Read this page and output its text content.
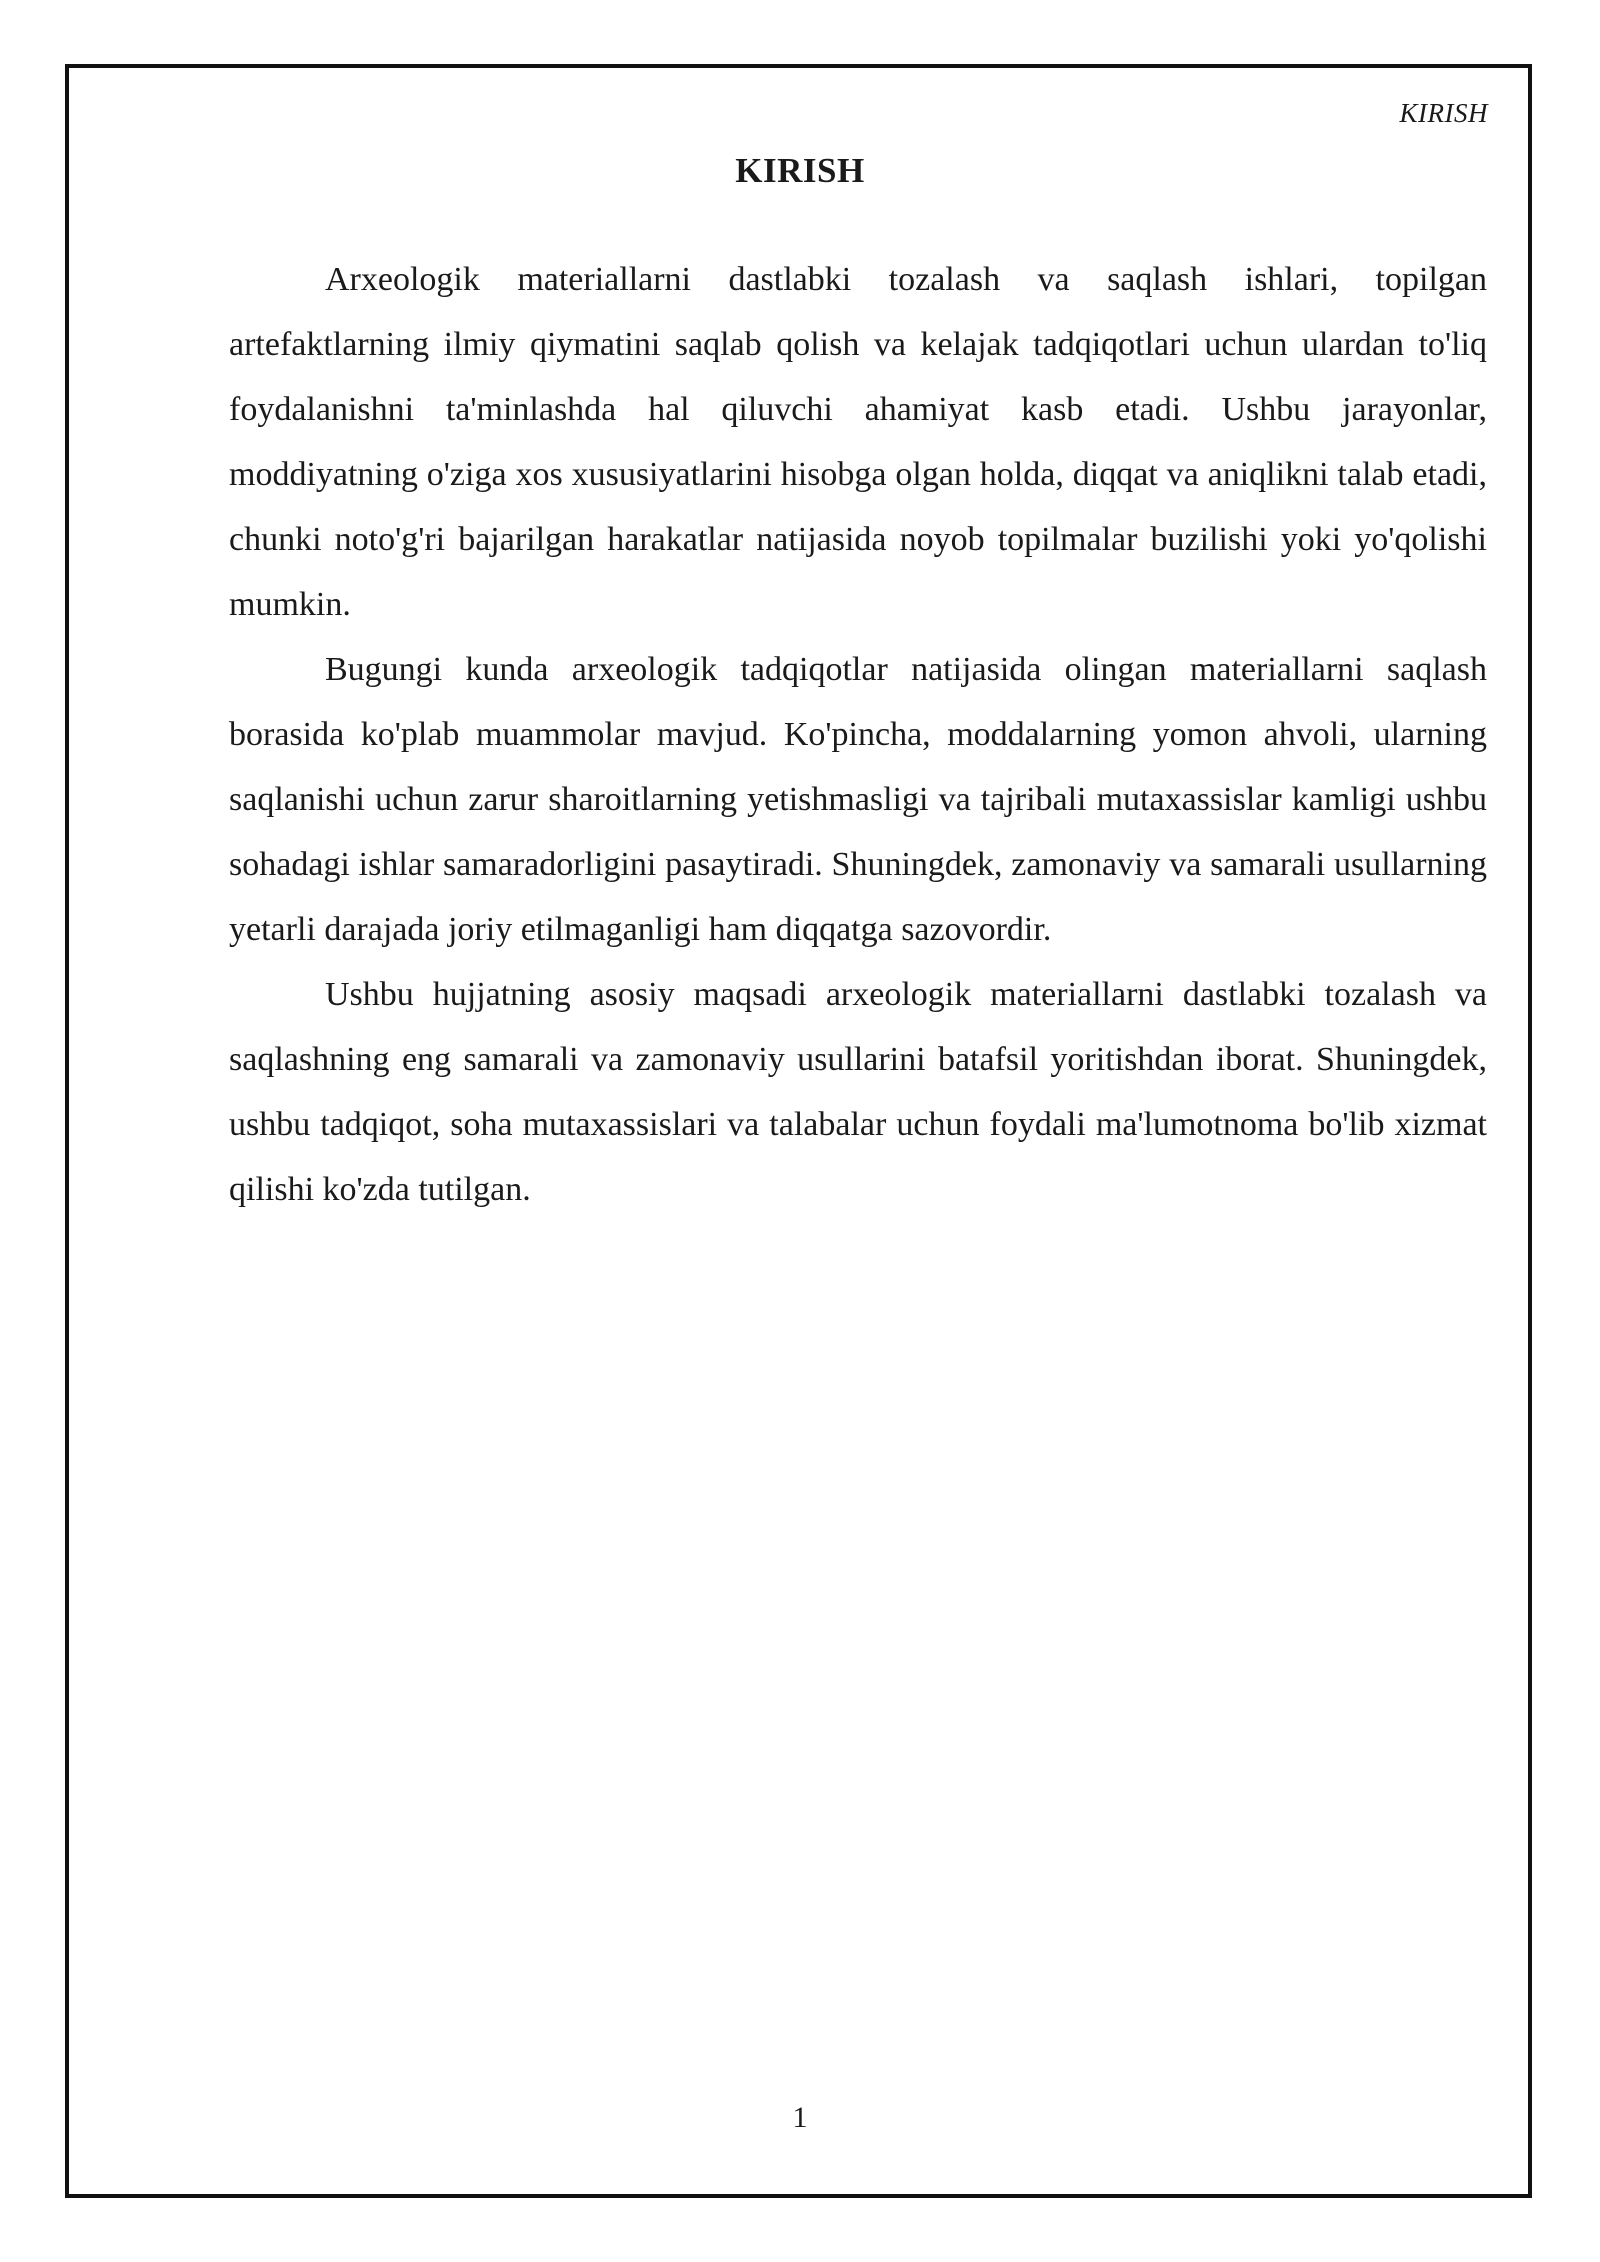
KIRISH
KIRISH

Arxeologik materiallarni dastlabki tozalash va saqlash ishlari, topilgan artefaktlarning ilmiy qiymatini saqlab qolish va kelajak tadqiqotlari uchun ulardan to'liq foydalanishni ta'minlashda hal qiluvchi ahamiyat kasb etadi. Ushbu jarayonlar, moddiyatning o'ziga xos xususiyatlarini hisobga olgan holda, diqqat va aniqlikni talab etadi, chunki noto'g'ri bajarilgan harakatlar natijasida noyob topilmalar buzilishi yoki yo'qolishi mumkin.

Bugungi kunda arxeologik tadqiqotlar natijasida olingan materiallarni saqlash borasida ko'plab muammolar mavjud. Ko'pincha, moddalarning yomon ahvoli, ularning saqlanishi uchun zarur sharoitlarning yetishmasligi va tajribali mutaxassislar kamligi ushbu sohadagi ishlar samaradorligini pasaytiradi. Shuningdek, zamonaviy va samarali usullarning yetarli darajada joriy etilmaganligi ham diqqatga sazovordir.

Ushbu hujjatning asosiy maqsadi arxeologik materiallarni dastlabki tozalash va saqlashning eng samarali va zamonaviy usullarini batafsil yoritishdan iborat. Shuningdek, ushbu tadqiqot, soha mutaxassislari va talabalar uchun foydali ma'lumotnoma bo'lib xizmat qilishi ko'zda tutilgan.

1
